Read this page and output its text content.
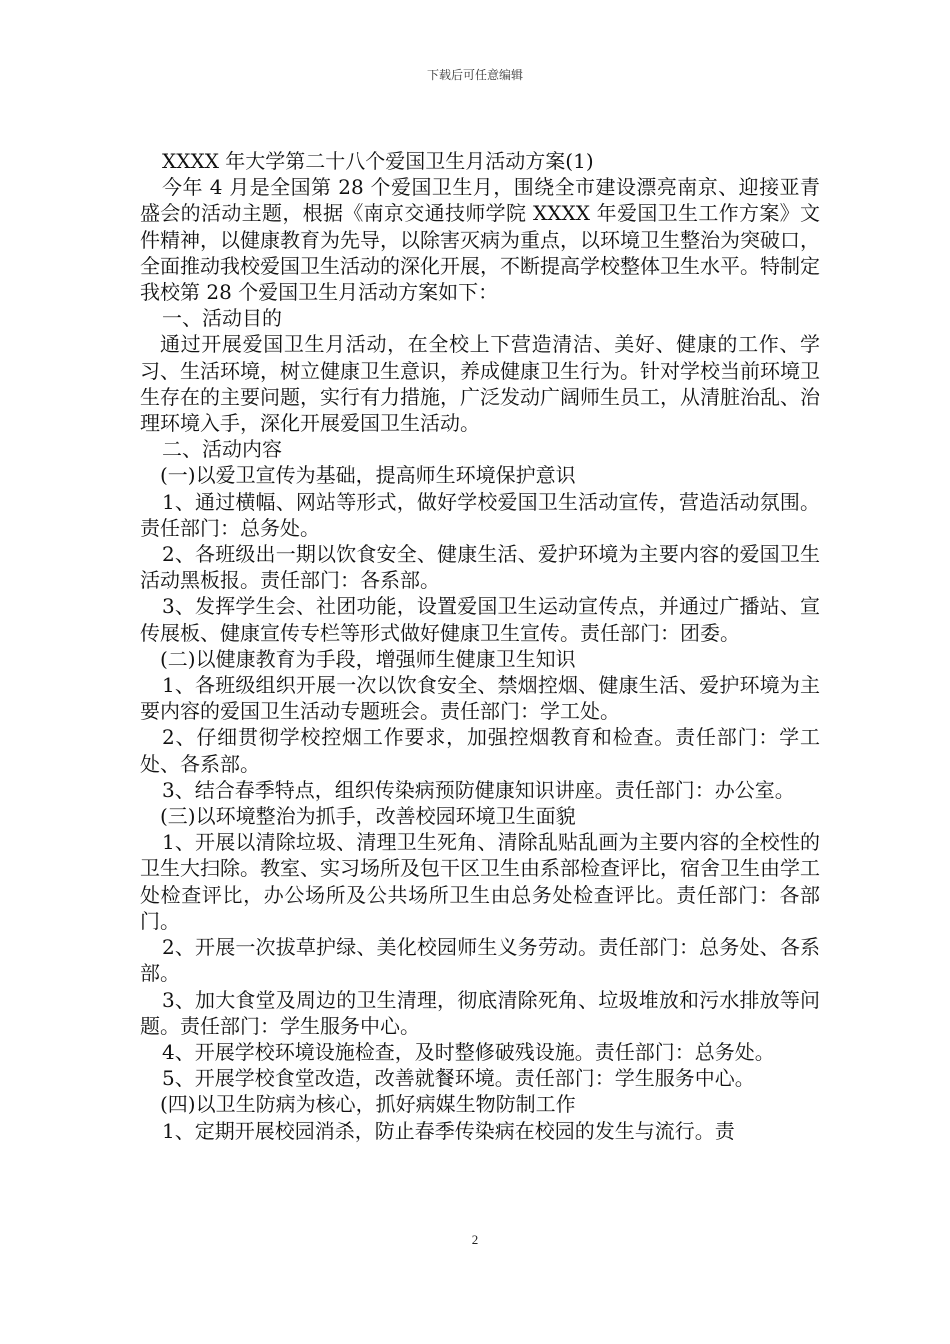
下载后可任意编辑

XXXX 年大学第二十八个爱国卫生月活动方案(1)

今年 4 月是全国第 28 个爱国卫生月，围绕全市建设漂亮南京、迎接亚青盛会的活动主题，根据《南京交通技师学院 XXXX 年爱国卫生工作方案》文件精神，以健康教育为先导，以除害灭病为重点，以环境卫生整治为突破口，全面推动我校爱国卫生活动的深化开展，不断提高学校整体卫生水平。特制定我校第 28 个爱国卫生月活动方案如下：

一、活动目的

通过开展爱国卫生月活动，在全校上下营造清洁、美好、健康的工作、学习、生活环境，树立健康卫生意识，养成健康卫生行为。针对学校当前环境卫生存在的主要问题，实行有力措施，广泛发动广阔师生员工，从清脏治乱、治理环境入手，深化开展爱国卫生活动。

二、活动内容

(一)以爱卫宣传为基础，提高师生环境保护意识

1、通过横幅、网站等形式，做好学校爱国卫生活动宣传，营造活动氛围。责任部门：总务处。

2、各班级出一期以饮食安全、健康生活、爱护环境为主要内容的爱国卫生活动黑板报。责任部门：各系部。

3、发挥学生会、社团功能，设置爱国卫生运动宣传点，并通过广播站、宣传展板、健康宣传专栏等形式做好健康卫生宣传。责任部门：团委。

(二)以健康教育为手段，增强师生健康卫生知识

1、各班级组织开展一次以饮食安全、禁烟控烟、健康生活、爱护环境为主要内容的爱国卫生活动专题班会。责任部门：学工处。

2、仔细贯彻学校控烟工作要求，加强控烟教育和检查。责任部门：学工处、各系部。

3、结合春季特点，组织传染病预防健康知识讲座。责任部门：办公室。

(三)以环境整治为抓手，改善校园环境卫生面貌

1、开展以清除垃圾、清理卫生死角、清除乱贴乱画为主要内容的全校性的卫生大扫除。教室、实习场所及包干区卫生由系部检查评比，宿舍卫生由学工处检查评比，办公场所及公共场所卫生由总务处检查评比。责任部门：各部门。

2、开展一次拔草护绿、美化校园师生义务劳动。责任部门：总务处、各系部。

3、加大食堂及周边的卫生清理，彻底清除死角、垃圾堆放和污水排放等问题。责任部门：学生服务中心。

4、开展学校环境设施检查，及时整修破残设施。责任部门：总务处。

5、开展学校食堂改造，改善就餐环境。责任部门：学生服务中心。

(四)以卫生防病为核心，抓好病媒生物防制工作

1、定期开展校园消杀，防止春季传染病在校园的发生与流行。责

2
